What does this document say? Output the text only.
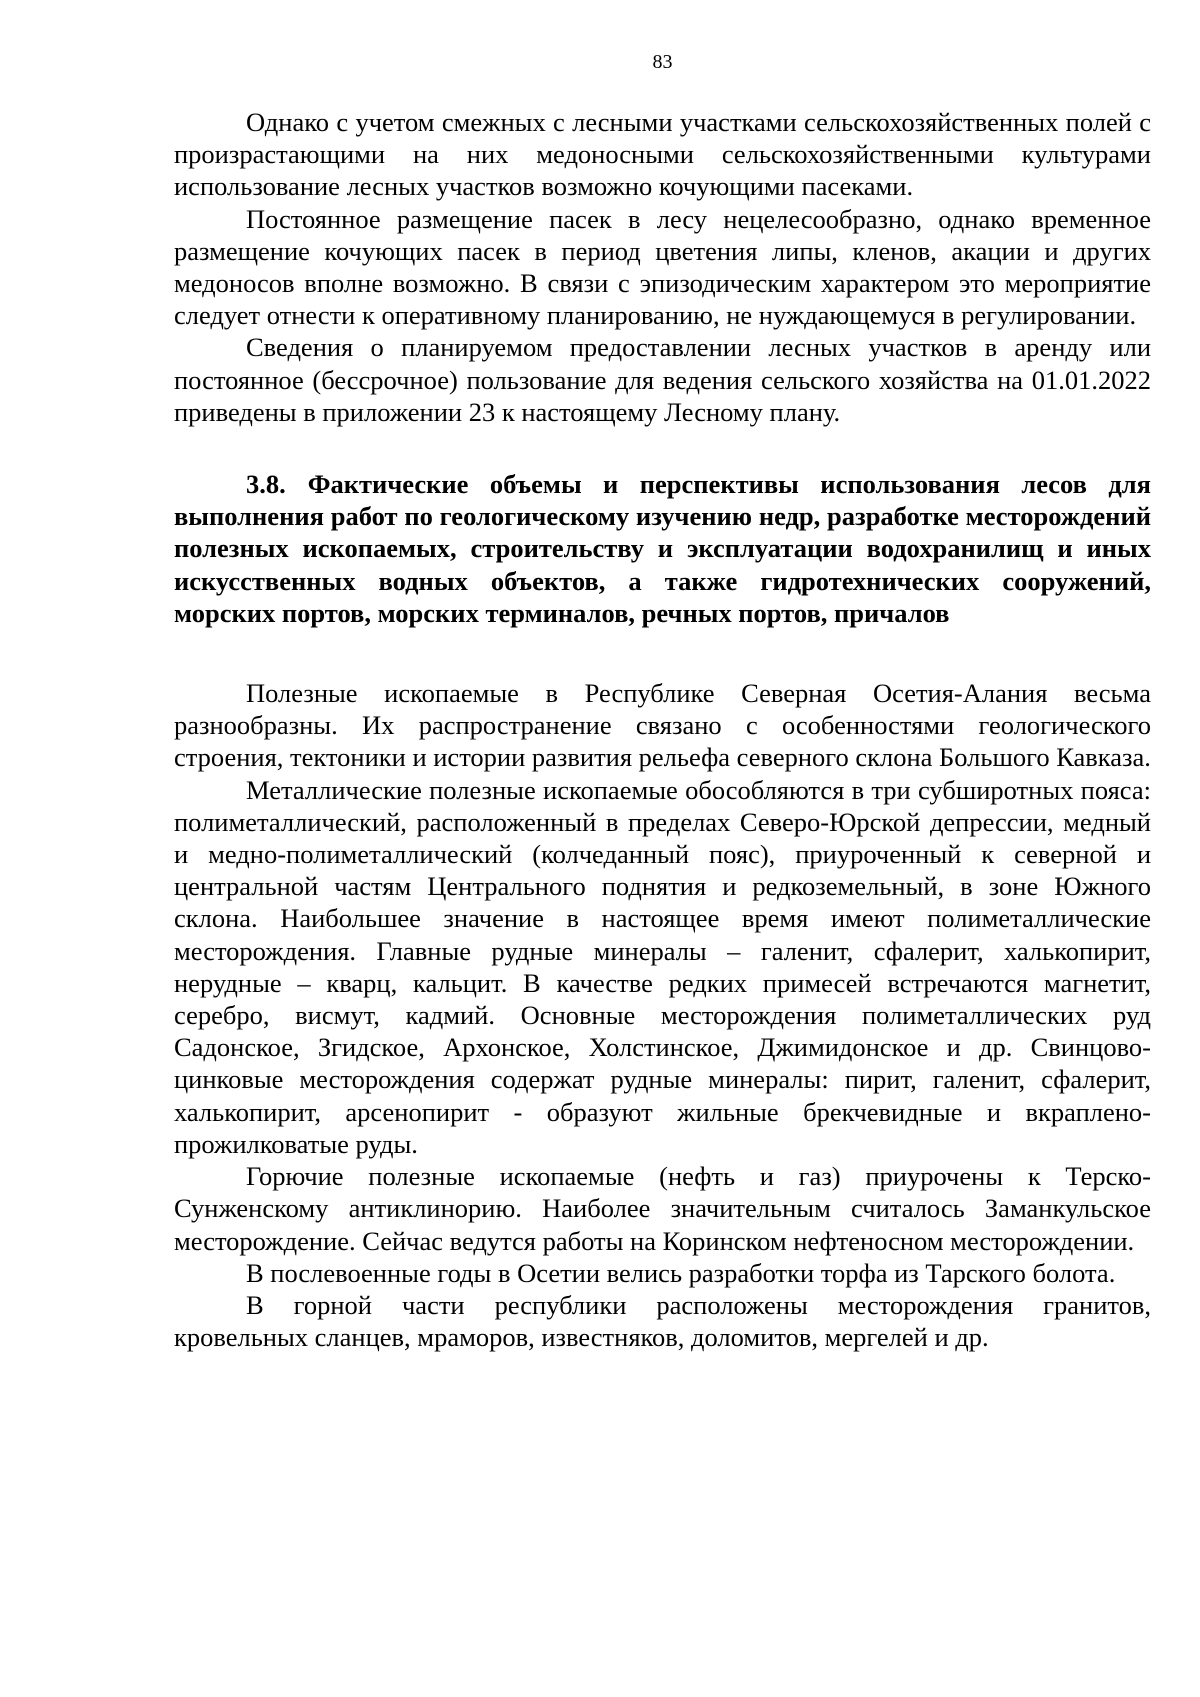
83

Однако с учетом смежных с лесными участками сельскохозяйственных полей с произрастающими на них медоносными сельскохозяйственными культурами использование лесных участков возможно кочующими пасеками.

Постоянное размещение пасек в лесу нецелесообразно, однако временное размещение кочующих пасек в период цветения липы, кленов, акации и других медоносов вполне возможно. В связи с эпизодическим характером это мероприятие следует отнести к оперативному планированию, не нуждающемуся в регулировании.

Сведения о планируемом предоставлении лесных участков в аренду или постоянное (бессрочное) пользование для ведения сельского хозяйства на 01.01.2022 приведены в приложении 23 к настоящему Лесному плану.

3.8. Фактические объемы и перспективы использования лесов для выполнения работ по геологическому изучению недр, разработке месторождений полезных ископаемых, строительству и эксплуатации водохранилищ и иных искусственных водных объектов, а также гидротехнических сооружений, морских портов, морских терминалов, речных портов, причалов

Полезные ископаемые в Республике Северная Осетия-Алания весьма разнообразны. Их распространение связано с особенностями геологического строения, тектоники и истории развития рельефа северного склона Большого Кавказа.

Металлические полезные ископаемые обособляются в три субширотных пояса: полиметаллический, расположенный в пределах Северо-Юрской депрессии, медный и медно-полиметаллический (колчеданный пояс), приуроченный к северной и центральной частям Центрального поднятия и редкоземельный, в зоне Южного склона. Наибольшее значение в настоящее время имеют полиметаллические месторождения. Главные рудные минералы – галенит, сфалерит, халькопирит, нерудные – кварц, кальцит. В качестве редких примесей встречаются магнетит, серебро, висмут, кадмий. Основные месторождения полиметаллических руд Садонское, Згидское, Архонское, Холстинское, Джимидонское и др. Свинцово-цинковые месторождения содержат рудные минералы: пирит, галенит, сфалерит, халькопирит, арсенопирит - образуют жильные брекчевидные и вкраплено-прожилковатые руды.

Горючие полезные ископаемые (нефть и газ) приурочены к Терско-Сунженскому антиклинорию. Наиболее значительным считалось Заманкульское месторождение. Сейчас ведутся работы на Коринском нефтеносном месторождении.

В послевоенные годы в Осетии велись разработки торфа из Тарского болота.

В горной части республики расположены месторождения гранитов, кровельных сланцев, мраморов, известняков, доломитов, мергелей и др.
